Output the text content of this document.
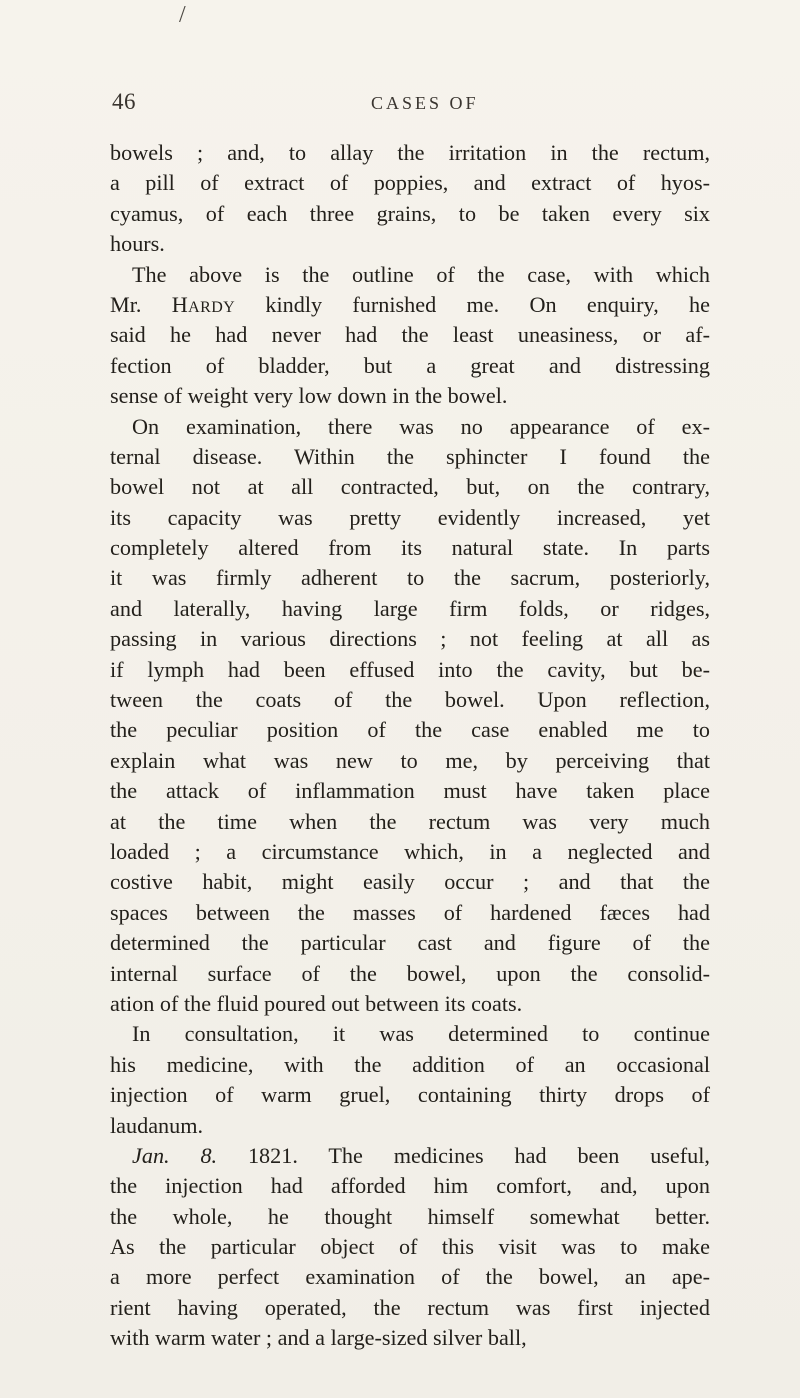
/
46	CASES OF
bowels ; and, to allay the irritation in the rectum,
a pill of extract of poppies, and extract of hyos-
cyamus, of each three grains, to be taken every six
hours.
The above is the outline of the case, with which
Mr. Hardy kindly furnished me. On enquiry, he
said he had never had the least uneasiness, or af-
fection of bladder, but a great and distressing
sense of weight very low down in the bowel.
On examination, there was no appearance of ex-
ternal disease. Within the sphincter I found the
bowel not at all contracted, but, on the contrary,
its capacity was pretty evidently increased, yet
completely altered from its natural state. In parts
it was firmly adherent to the sacrum, posteriorly,
and laterally, having large firm folds, or ridges,
passing in various directions ; not feeling at all as
if lymph had been effused into the cavity, but be-
tween the coats of the bowel. Upon reflection,
the peculiar position of the case enabled me to
explain what was new to me, by perceiving that
the attack of inflammation must have taken place
at the time when the rectum was very much
loaded ; a circumstance which, in a neglected and
costive habit, might easily occur ; and that the
spaces between the masses of hardened fæces had
determined the particular cast and figure of the
internal surface of the bowel, upon the consolid-
ation of the fluid poured out between its coats.
In consultation, it was determined to continue
his medicine, with the addition of an occasional
injection of warm gruel, containing thirty drops of
laudanum.
Jan. 8. 1821. The medicines had been useful,
the injection had afforded him comfort, and, upon
the whole, he thought himself somewhat better.
As the particular object of this visit was to make
a more perfect examination of the bowel, an ape-
rient having operated, the rectum was first injected
with warm water ; and a large-sized silver ball,
